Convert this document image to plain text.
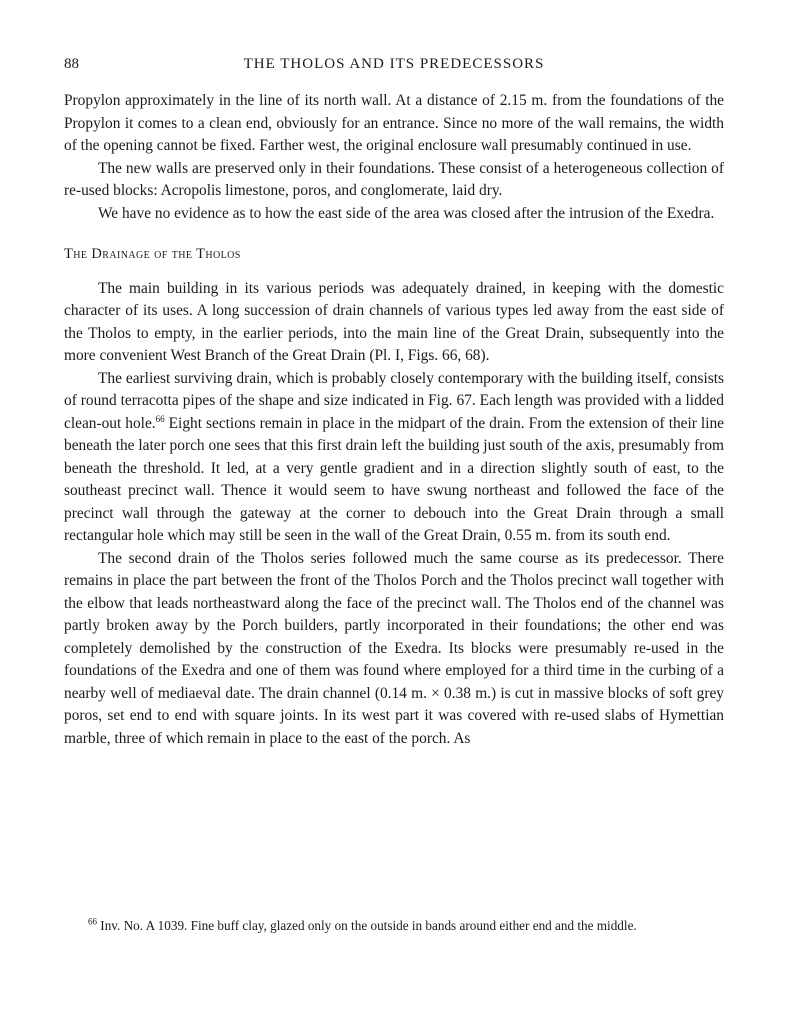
88	THE THOLOS AND ITS PREDECESSORS

Propylon approximately in the line of its north wall. At a distance of 2.15 m. from the foundations of the Propylon it comes to a clean end, obviously for an entrance. Since no more of the wall remains, the width of the opening cannot be fixed. Farther west, the original enclosure wall presumably continued in use.

The new walls are preserved only in their foundations. These consist of a heterogeneous collection of re-used blocks: Acropolis limestone, poros, and conglomerate, laid dry.

We have no evidence as to how the east side of the area was closed after the intrusion of the Exedra.

The Drainage of the Tholos

The main building in its various periods was adequately drained, in keeping with the domestic character of its uses. A long succession of drain channels of various types led away from the east side of the Tholos to empty, in the earlier periods, into the main line of the Great Drain, subsequently into the more convenient West Branch of the Great Drain (Pl. I, Figs. 66, 68).

The earliest surviving drain, which is probably closely contemporary with the building itself, consists of round terracotta pipes of the shape and size indicated in Fig. 67. Each length was provided with a lidded clean-out hole.$^{66}$ Eight sections remain in place in the midpart of the drain. From the extension of their line beneath the later porch one sees that this first drain left the building just south of the axis, presumably from beneath the threshold. It led, at a very gentle gradient and in a direction slightly south of east, to the southeast precinct wall. Thence it would seem to have swung northeast and followed the face of the precinct wall through the gateway at the corner to debouch into the Great Drain through a small rectangular hole which may still be seen in the wall of the Great Drain, 0.55 m. from its south end.

The second drain of the Tholos series followed much the same course as its predecessor. There remains in place the part between the front of the Tholos Porch and the Tholos precinct wall together with the elbow that leads northeastward along the face of the precinct wall. The Tholos end of the channel was partly broken away by the Porch builders, partly incorporated in their foundations; the other end was completely demolished by the construction of the Exedra. Its blocks were presumably re-used in the foundations of the Exedra and one of them was found where employed for a third time in the curbing of a nearby well of mediaeval date. The drain channel (0.14 m. × 0.38 m.) is cut in massive blocks of soft grey poros, set end to end with square joints. In its west part it was covered with re-used slabs of Hymettian marble, three of which remain in place to the east of the porch. As

$^{66}$ Inv. No. A 1039. Fine buff clay, glazed only on the outside in bands around either end and the middle.
